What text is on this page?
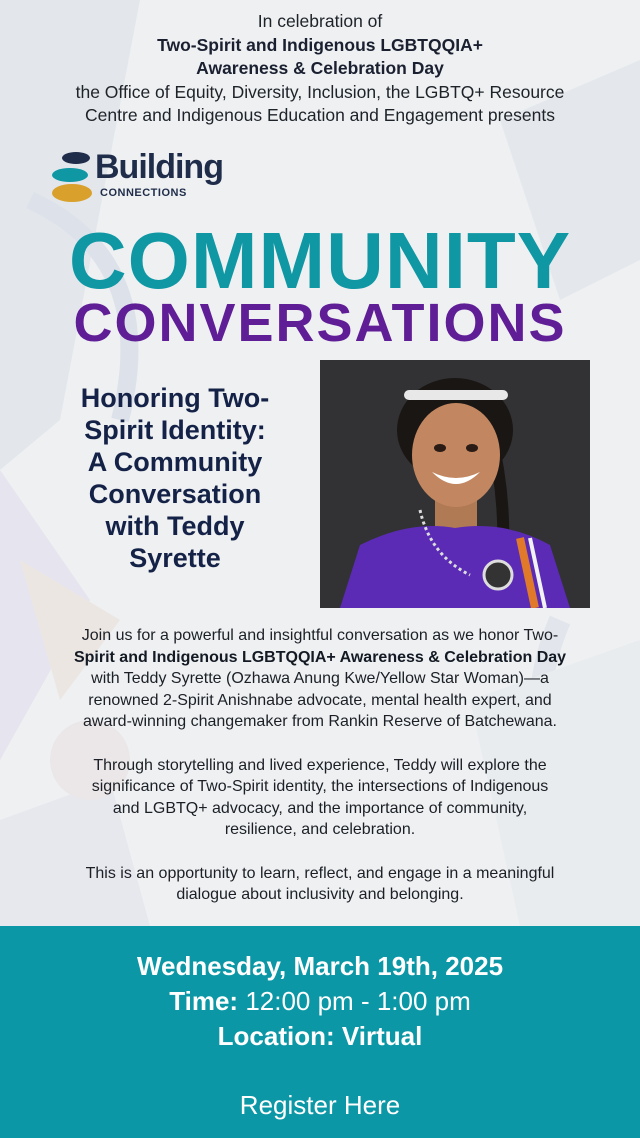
In celebration of
Two-Spirit and Indigenous LGBTQQIA+
Awareness & Celebration Day
the Office of Equity, Diversity, Inclusion, the LGBTQ+ Resource
Centre and Indigenous Education and Engagement presents
Building
CONNECTIONS
COMMUNITY
CONVERSATIONS
Honoring Two-
Spirit Identity:
A Community
Conversation
with Teddy
Syrette

Join us for a powerful and insightful conversation as we honor Two-
Spirit and Indigenous LGBTQQIA+ Awareness & Celebration Day
with Teddy Syrette (Ozhawa Anung Kwe/Yellow Star Woman)—a
renowned 2-Spirit Anishnabe advocate, mental health expert, and
award-winning changemaker from Rankin Reserve of Batchewana.

Through storytelling and lived experience, Teddy will explore the
significance of Two-Spirit identity, the intersections of Indigenous
and LGBTQ+ advocacy, and the importance of community,
resilience, and celebration.

This is an opportunity to learn, reflect, and engage in a meaningful
dialogue about inclusivity and belonging.

Wednesday, March 19th, 2025
Time: 12:00 pm - 1:00 pm
Location: Virtual
Register Here
